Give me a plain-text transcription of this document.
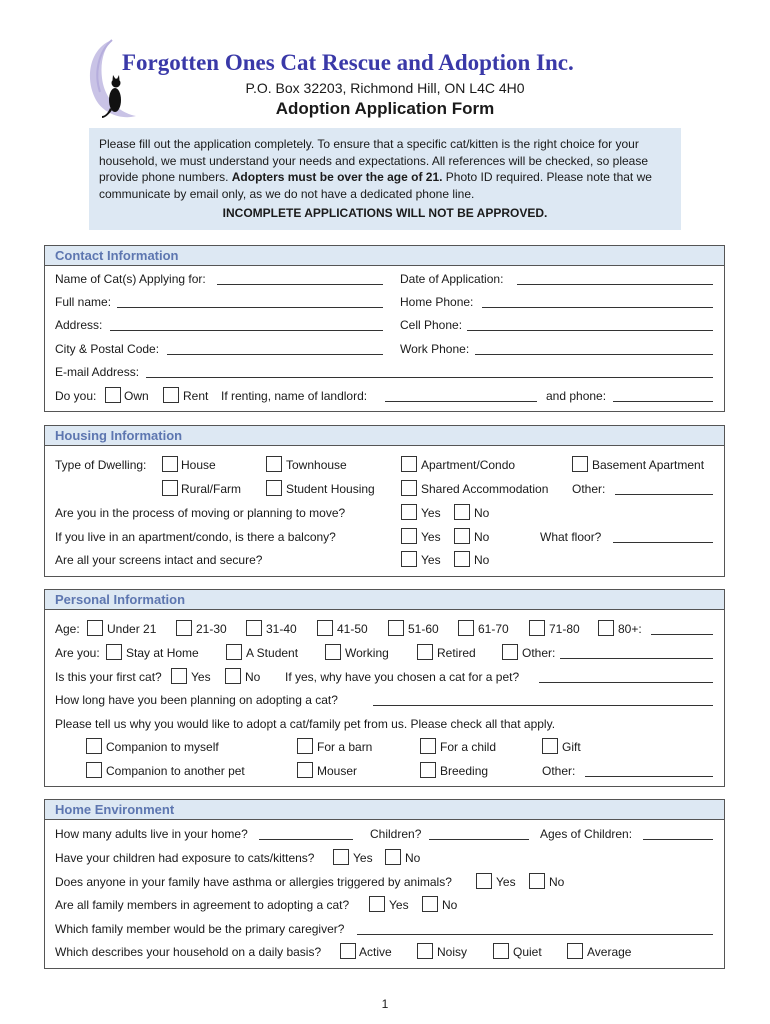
Forgotten Ones Cat Rescue and Adoption Inc.
P.O. Box 32203, Richmond Hill, ON L4C 4H0
Adoption Application Form

Please fill out the application completely. To ensure that a specific cat/kitten is the right choice for your household, we must understand your needs and expectations. All references will be checked, so please provide phone numbers. Adopters must be over the age of 21. Photo ID required. Please note that we communicate by email only, as we do not have a dedicated phone line.

INCOMPLETE APPLICATIONS WILL NOT BE APPROVED.
Contact Information
Name of Cat(s) Applying for:	Date of Application:
Full name:	Home Phone:
Address:	Cell Phone:
City & Postal Code:	Work Phone:
E-mail Address:
Do you: Own	Rent If renting, name of landlord:	and phone:
Housing Information
Type of Dwelling:	House	Townhouse	Apartment/Condo	Basement Apartment
Rural/Farm	Student Housing	Shared Accommodation Other:
Are you in the process of moving or planning to move?	Yes	No
If you live in an apartment/condo, is there a balcony?	Yes	No	What floor?
Are all your screens intact and secure?	Yes	No
Personal Information
Age: Under 21	21-30	31-40	41-50	51-60	61-70	71-80	80+:
Are you: Stay at Home	A Student	Working	Retired	Other:
Is this your first cat? Yes	No If yes, why have you chosen a cat for a pet?
How long have you been planning on adopting a cat?
Please tell us why you would like to adopt a cat/family pet from us. Please check all that apply.
Companion to myself	For a barn	For a child	Gift
Companion to another pet	Mouser	Breeding	Other:
Home Environment
How many adults live in your home?	Children?	Ages of Children:
Have your children had exposure to cats/kittens?	Yes	No
Does anyone in your family have asthma or allergies triggered by animals?	Yes	No
Are all family members in agreement to adopting a cat?	Yes	No
Which family member would be the primary caregiver?
Which describes your household on a daily basis?	Active	Noisy	Quiet	Average
1
